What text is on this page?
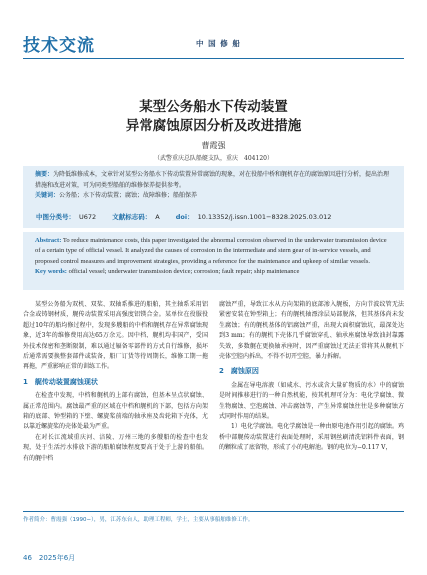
技术交流	中 国 修 船
某型公务船水下传动装置
异常腐蚀原因分析及改进措施
曹霞强
（武警重庆总队船艇支队，重庆　404120）

摘要：为降低维修成本，文章针对某型公务船水下传动装置异常腐蚀的现象，对在役船中桥和艉机存在的腐蚀原因进行分析，提出治理措施和改进对策，可为同类型船舶的维修保养提供参考。

关键词：公务船；水下传动装置；腐蚀；故障维修；船舶保养

中图分类号： U672 文献标志码： A doi： 10.13352/j.issn.1001−8328.2025.03.012

Abstract: To reduce maintenance costs, this paper investigated the abnormal corrosion observed in the underwater transmission device of a certain type of official vessel. It analyzed the causes of corrosion in the intermediate and stern gear of in-service vessels, and proposed control measures and improvement strategies, providing a reference for the maintenance and upkeep of similar vessels.

Key words: official vessel; underwater transmission device; corrosion; fault repair; ship maintenance

某型公务船为双机、双桨、双轴系推进的船舶，其主轴系采用铝合金或铸钢材质，艉传动装置采用高强度铝镁合金。某单位在役服役超过10年的船均修过程中，发现多艘船的中档和艉机存在异常腐蚀现象，近3年的维修费用高达65万余元。因中档、艉机均非国产，受国外技术保密和垄断限制，难以通过辐备零部件的方式自行维修，损坏后通常需要换整套部件或装备，船厂订货等待周期长，维修工期一拖再拖，严重影响正常的训练工作。

1　艉传动装置腐蚀现状

在检查中发现，中档和艉机的上部有腐蚀，但基本呈点状腐蚀、属正常范围内。腐蚀最严重的区域在中档和艉机的下部，包括方向架箱的底部、钟型箱的下壁、螺旋桨前端的轴承座及齿轮箱下壳体，尤以靠近螺旋桨的壳体处最为严重。

在对长江流域重庆河、涪陵、万州三地的多艘船的检查中也发现，处于生活污水排放下游的船舶腐蚀程度要高于处于上游的船舶。有的艉中档

腐蚀严重，导致江水从方向架箱的底部渗入艉板，方向节波纹管无法紧密安装在钟型箱上；有的艉机轴漂涂层局部脱落，但其基体尚未发生腐蚀；有的艉机基体的铝腐蚀严重，出现大面积腐蚀坑，最深处达到3 mm；有的艉机下壳体几乎腐蚀穿孔、轴承座腐蚀导致油封靠露失效，多数艉在更换轴承座时，因严重腐蚀过无法正常将其从艉机下壳体空腔内拆出，不得不切开空腔，暴力拆解。

2　腐蚀原因

金属在导电溶液（如咸水、污水或含大量矿物质的水）中的腐蚀是时间推移进行的一种自然机能，按其机理可分为：电化学腐蚀、微生物腐蚀、空泡腐蚀、冲击腐蚀等，产生异常腐蚀往往是多种腐蚀方式同时作用的结果。

1）电化学腐蚀。电化学腐蚀是一种由原电池作用引起的腐蚀。鸡桥中部艉传动装置进行表面处理时，采用钢丝刷清洗铝料件表面，钢的颗粒成了底留物，形成了小的电解池。钢的电位为−0.117 V，

作者简介：曹霞强（1990−），男，江苏东台人，助理工程师，学士，主要从事船舶维修工作。
46　2025年6月
